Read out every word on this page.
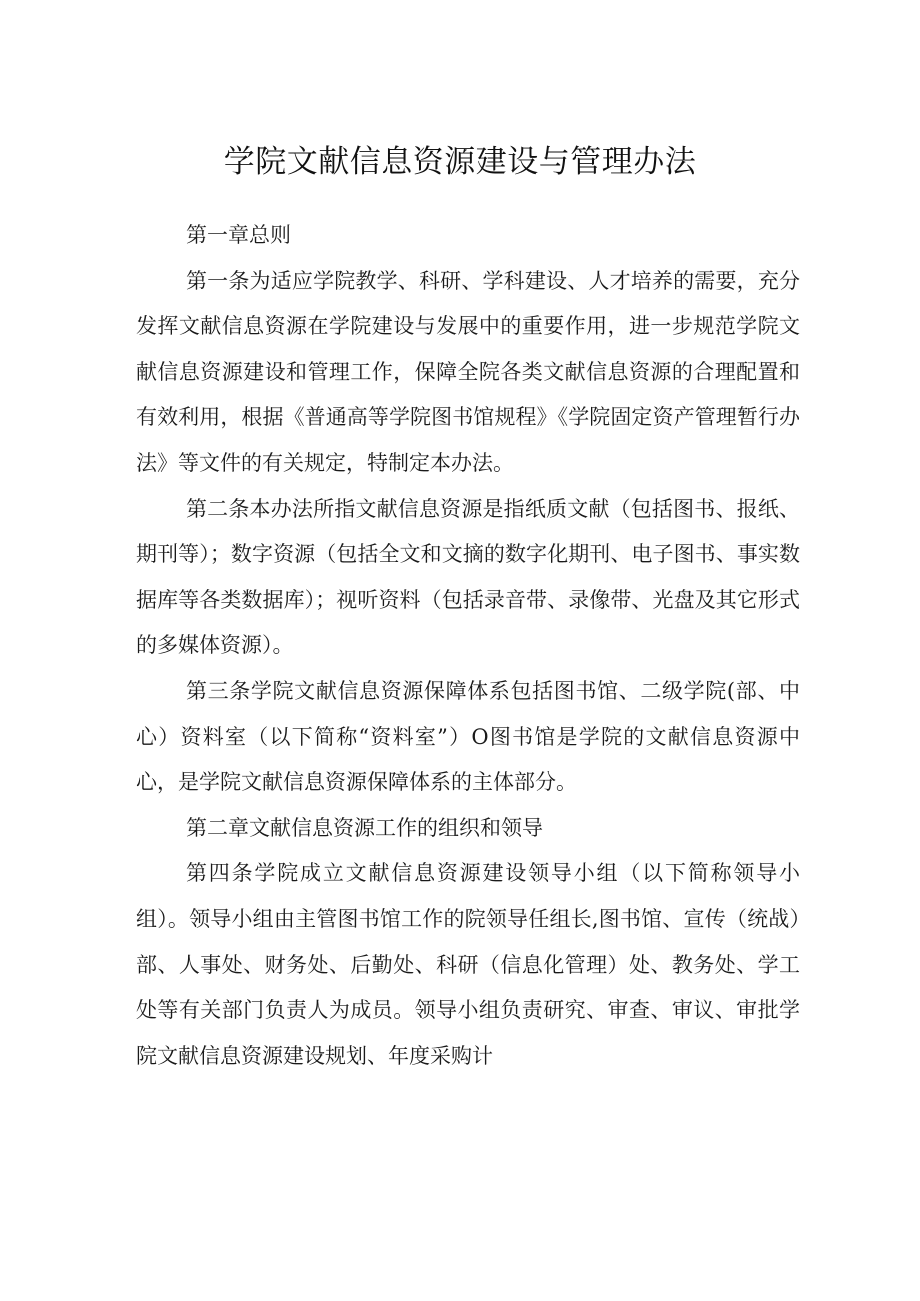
学院文献信息资源建设与管理办法

第一章总则

第一条为适应学院教学、科研、学科建设、人才培养的需要，充分发挥文献信息资源在学院建设与发展中的重要作用，进一步规范学院文献信息资源建设和管理工作，保障全院各类文献信息资源的合理配置和有效利用，根据《普通高等学院图书馆规程》《学院固定资产管理暂行办法》等文件的有关规定，特制定本办法。

第二条本办法所指文献信息资源是指纸质文献（包括图书、报纸、期刊等）；数字资源（包括全文和文摘的数字化期刊、电子图书、事实数据库等各类数据库）；视听资料（包括录音带、录像带、光盘及其它形式的多媒体资源）。

第三条学院文献信息资源保障体系包括图书馆、二级学院(部、中心）资料室（以下简称“资料室”）O图书馆是学院的文献信息资源中心，是学院文献信息资源保障体系的主体部分。

第二章文献信息资源工作的组织和领导

第四条学院成立文献信息资源建设领导小组（以下简称领导小组）。领导小组由主管图书馆工作的院领导任组长,图书馆、宣传（统战）部、人事处、财务处、后勤处、科研（信息化管理）处、教务处、学工处等有关部门负责人为成员。领导小组负责研究、审查、审议、审批学院文献信息资源建设规划、年度采购计
